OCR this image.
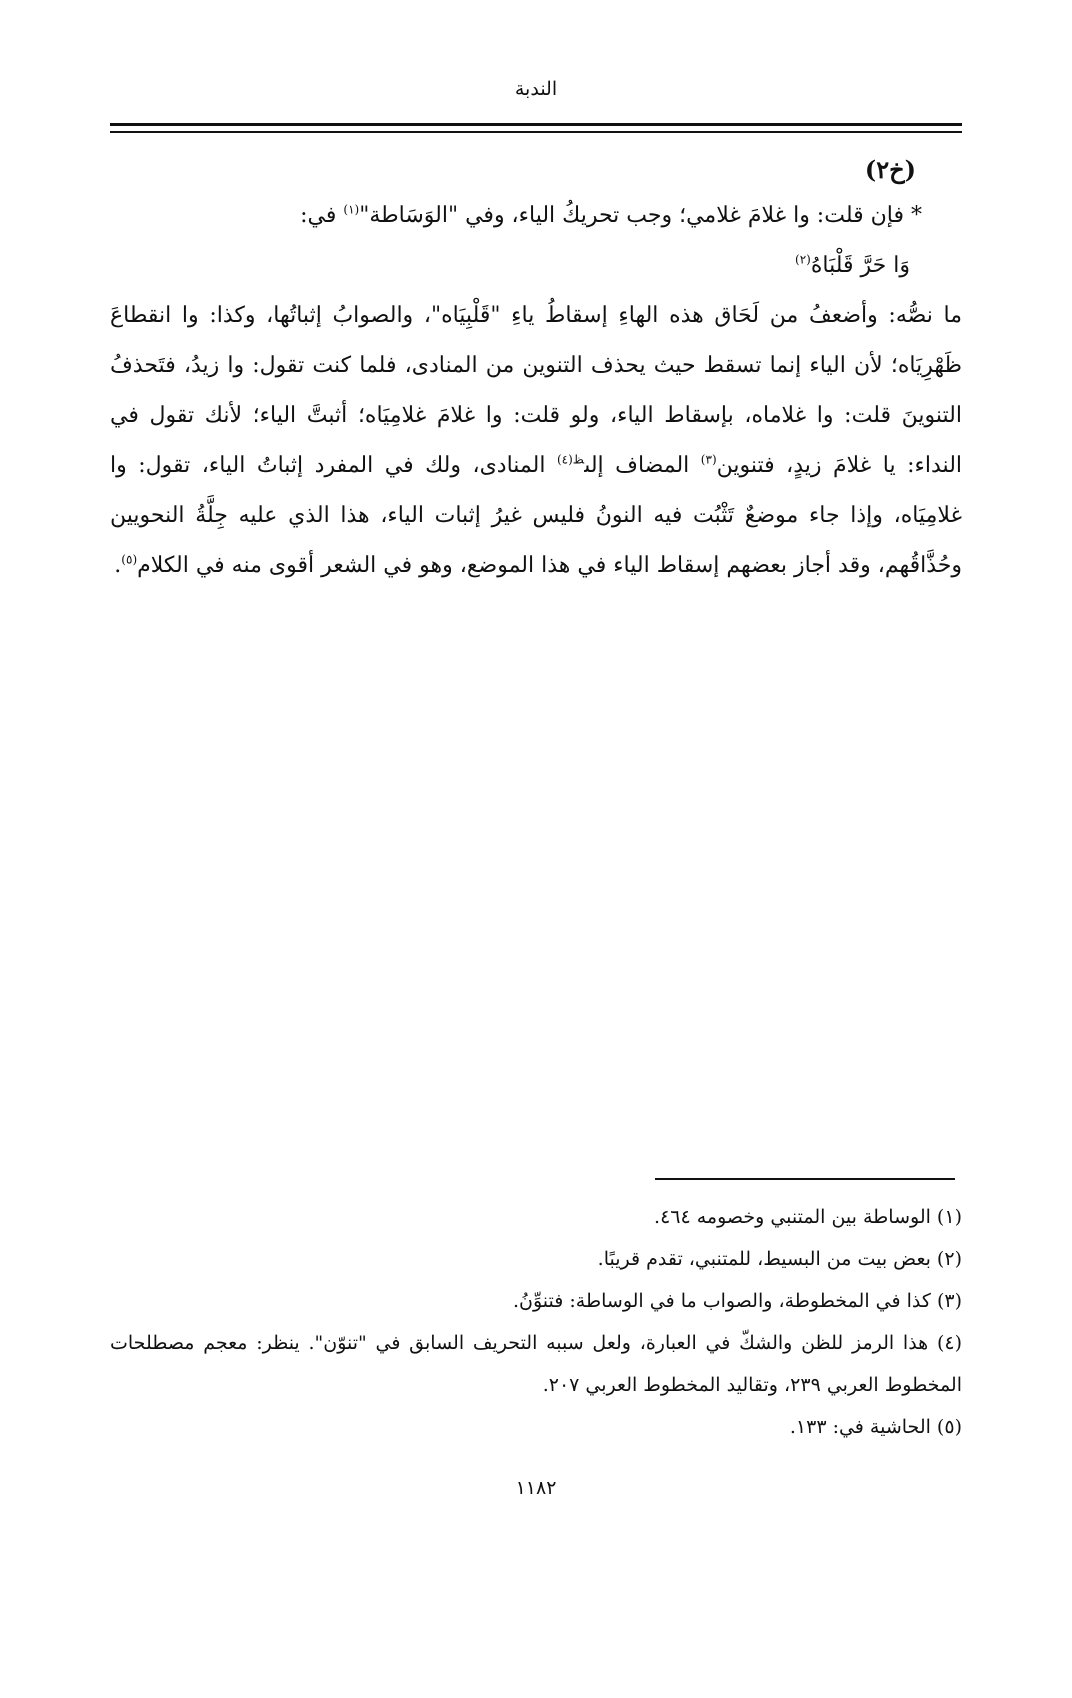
الندبة

(خ٢)

* فإن قلت: وا غلامَ غلامي؛ وجب تحريكُ الياء، وفي "الوَسَاطة"$^{(١)}$ في:

وَا حَرَّ قَلْبَاهُ$^{(٢)}$

ما نصُّه: وأضعفُ من لَحَاق هذه الهاءِ إسقاطُ ياءِ "قَلْبِيَاه"، والصوابُ إثباتُها، وكذا: وا انقطاعَ ظَهْرِيَاه؛ لأن الياء إنما تسقط حيث يحذف التنوين من المنادى، فلما كنت تقول: وا زيدُ، فتَحذفُ التنوينَ قلت: وا غلاماه، بإسقاط الياء، ولو قلت: وا غلامَ غلامِيَاه؛ أثبتَّ الياء؛ لأنك تقول في النداء: يا غلامَ زيدٍ، فتنوين$^{(٣)}$ المضاف إلى$^{ظ(٤)}$ المنادى، ولك في المفرد إثباتُ الياء، تقول: وا غلامِيَاه، وإذا جاء موضعٌ تَثْبُت فيه النونُ فليس غيرُ إثبات الياء، هذا الذي عليه جِلَّةُ النحويين وحُذَّاقُهم، وقد أجاز بعضهم إسقاط الياء في هذا الموضع، وهو في الشعر أقوى منه في الكلام$^{(٥)}$.

(١) الوساطة بين المتنبي وخصومه ٤٦٤.

(٢) بعض بيت من البسيط، للمتنبي، تقدم قريبًا.

(٣) كذا في المخطوطة، والصواب ما في الوساطة: فتنوِّنُ.

(٤) هذا الرمز للظن والشكّ في العبارة، ولعل سببه التحريف السابق في "تنوّن". ينظر: معجم مصطلحات المخطوط العربي ٢٣٩، وتقاليد المخطوط العربي ٢٠٧.

(٥) الحاشية في: ١٣٣.

١١٨٢
